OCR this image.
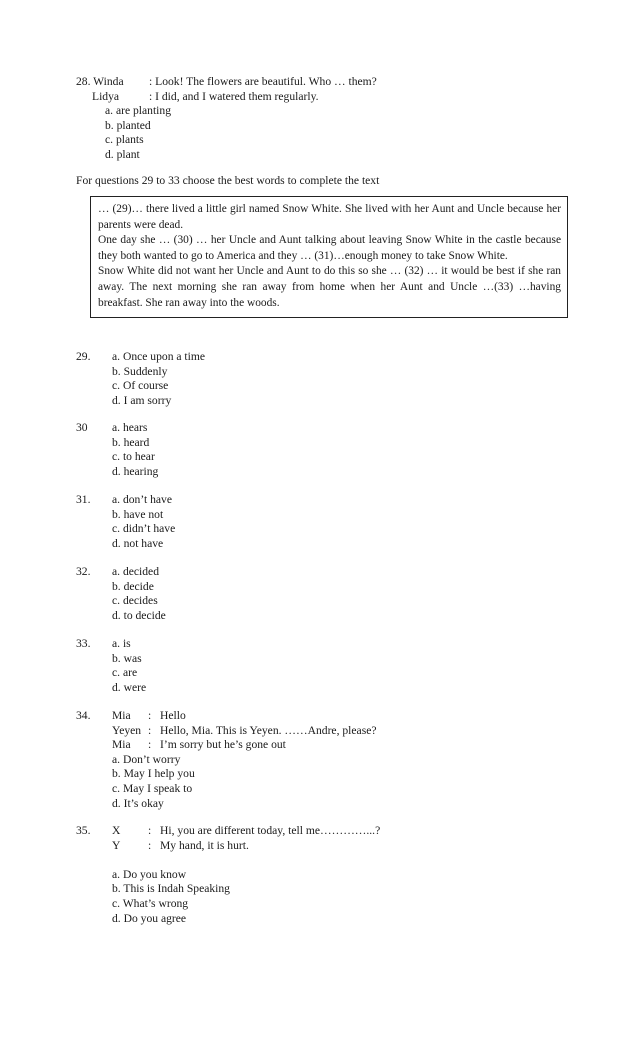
28. Winda : Look! The flowers are beautiful. Who … them?
Lidya	: I did, and I watered them regularly.
a. are planting
b. planted
c. plants
d. plant
For questions 29 to 33 choose the best words to complete the text

… (29)… there lived a little girl named Snow White. She lived with her Aunt and Uncle because her parents were dead.

One day she … (30) … her Uncle and Aunt talking about leaving Snow White in the castle because they both wanted to go to America and they … (31)…enough money to take Snow White.

Snow White did not want her Uncle and Aunt to do this so she … (32) … it would be best if she ran away. The next morning she ran away from home when her Aunt and Uncle …(33) …having breakfast. She ran away into the woods.

29. a. Once upon a time
b. Suddenly
c. Of course
d. I am sorry
30 a. hears
b. heard
c. to hear
d. hearing
31. a. don’t have
b. have not
c. didn’t have
d. not have
32. a. decided
b. decide
c. decides
d. to decide
33. a. is
b. was
c. are
d. were
34. Mia : Hello
Yeyen : Hello, Mia. This is Yeyen. ……Andre, please?
Mia : I’m sorry but he’s gone out
a. Don’t worry
b. May I help you
c. May I speak to
d. It’s okay
35. X : Hi, you are different today, tell me…………...?
Y : My hand, it is hurt.
a. Do you know
b. This is Indah Speaking
c. What’s wrong
d. Do you agree
